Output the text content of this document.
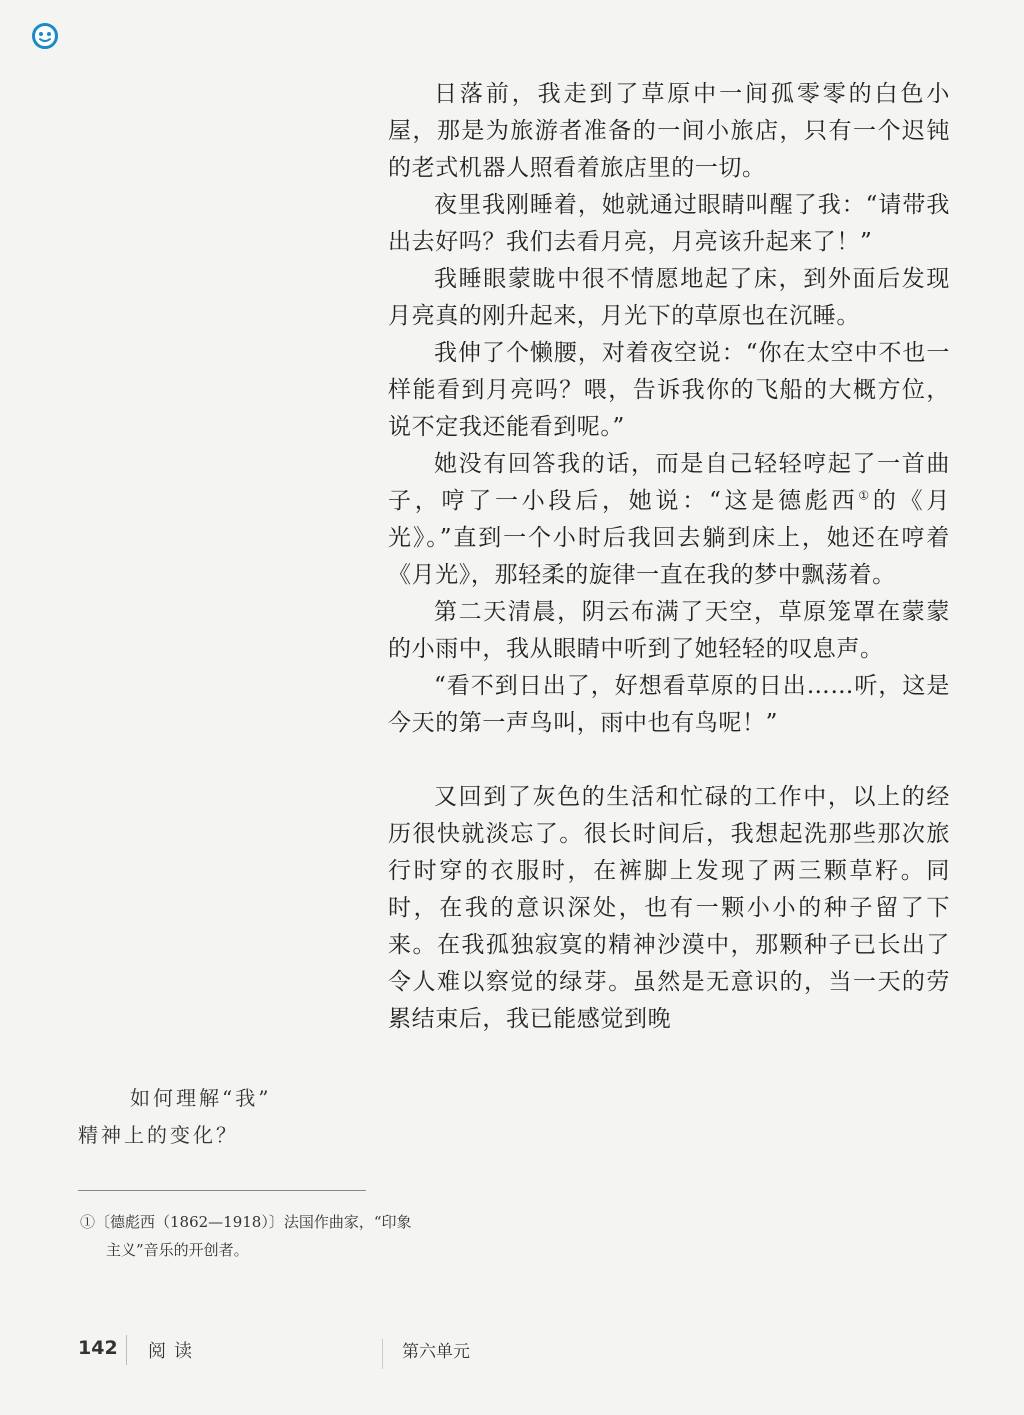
日落前，我走到了草原中一间孤零零的白色小屋，那是为旅游者准备的一间小旅店，只有一个迟钝的老式机器人照看着旅店里的一切。

夜里我刚睡着，她就通过眼睛叫醒了我：“请带我出去好吗？我们去看月亮，月亮该升起来了！”

我睡眼蒙眬中很不情愿地起了床，到外面后发现月亮真的刚升起来，月光下的草原也在沉睡。

我伸了个懒腰，对着夜空说：“你在太空中不也一样能看到月亮吗？喂，告诉我你的飞船的大概方位，说不定我还能看到呢。”

她没有回答我的话，而是自己轻轻哼起了一首曲子，哼了一小段后，她说：“这是德彪西①的《月光》。”直到一个小时后我回去躺到床上，她还在哼着《月光》，那轻柔的旋律一直在我的梦中飘荡着。

第二天清晨，阴云布满了天空，草原笼罩在蒙蒙的小雨中，我从眼睛中听到了她轻轻的叹息声。

“看不到日出了，好想看草原的日出……听，这是今天的第一声鸟叫，雨中也有鸟呢！”

又回到了灰色的生活和忙碌的工作中，以上的经历很快就淡忘了。很长时间后，我想起洗那些那次旅行时穿的衣服时，在裤脚上发现了两三颗草籽。同时，在我的意识深处，也有一颗小小的种子留了下来。在我孤独寂寞的精神沙漠中，那颗种子已长出了令人难以察觉的绿芽。虽然是无意识的，当一天的劳累结束后，我已能感觉到晚

如何理解“我”
精神上的变化？
①〔德彪西（1862—1918）〕法国作曲家，“印象
主义”音乐的开创者。
142 阅读	第六单元
